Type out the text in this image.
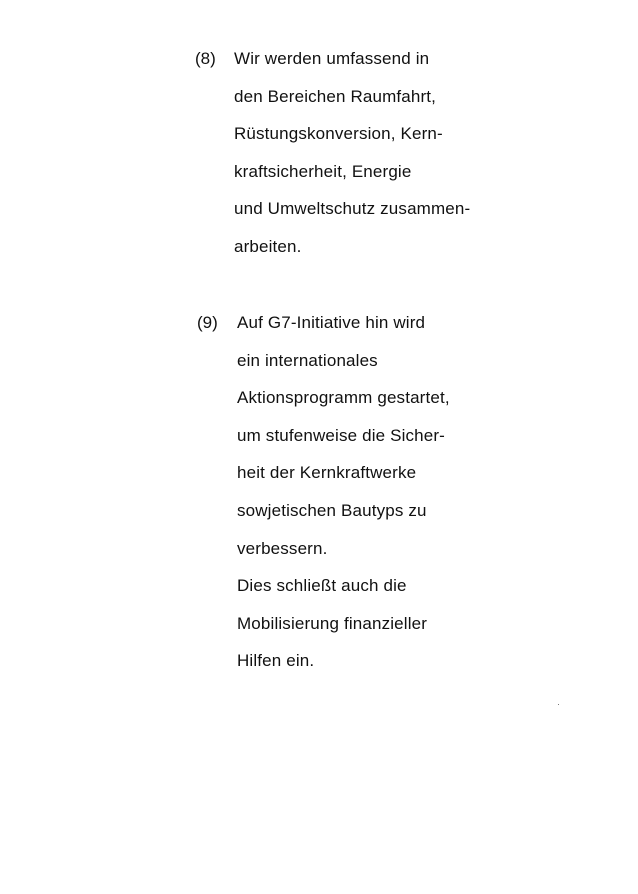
(8) Wir werden umfassend in
den Bereichen Raumfahrt,
Rüstungskonversion, Kern-
kraftsicherheit, Energie
und Umweltschutz zusammen-
arbeiten.
(9) Auf G7-Initiative hin wird
ein internationales
Aktionsprogramm gestartet,
um stufenweise die Sicher-
heit der Kernkraftwerke
sowjetischen Bautyps zu
verbessern.
Dies schließt auch die
Mobilisierung finanzieller
Hilfen ein.
